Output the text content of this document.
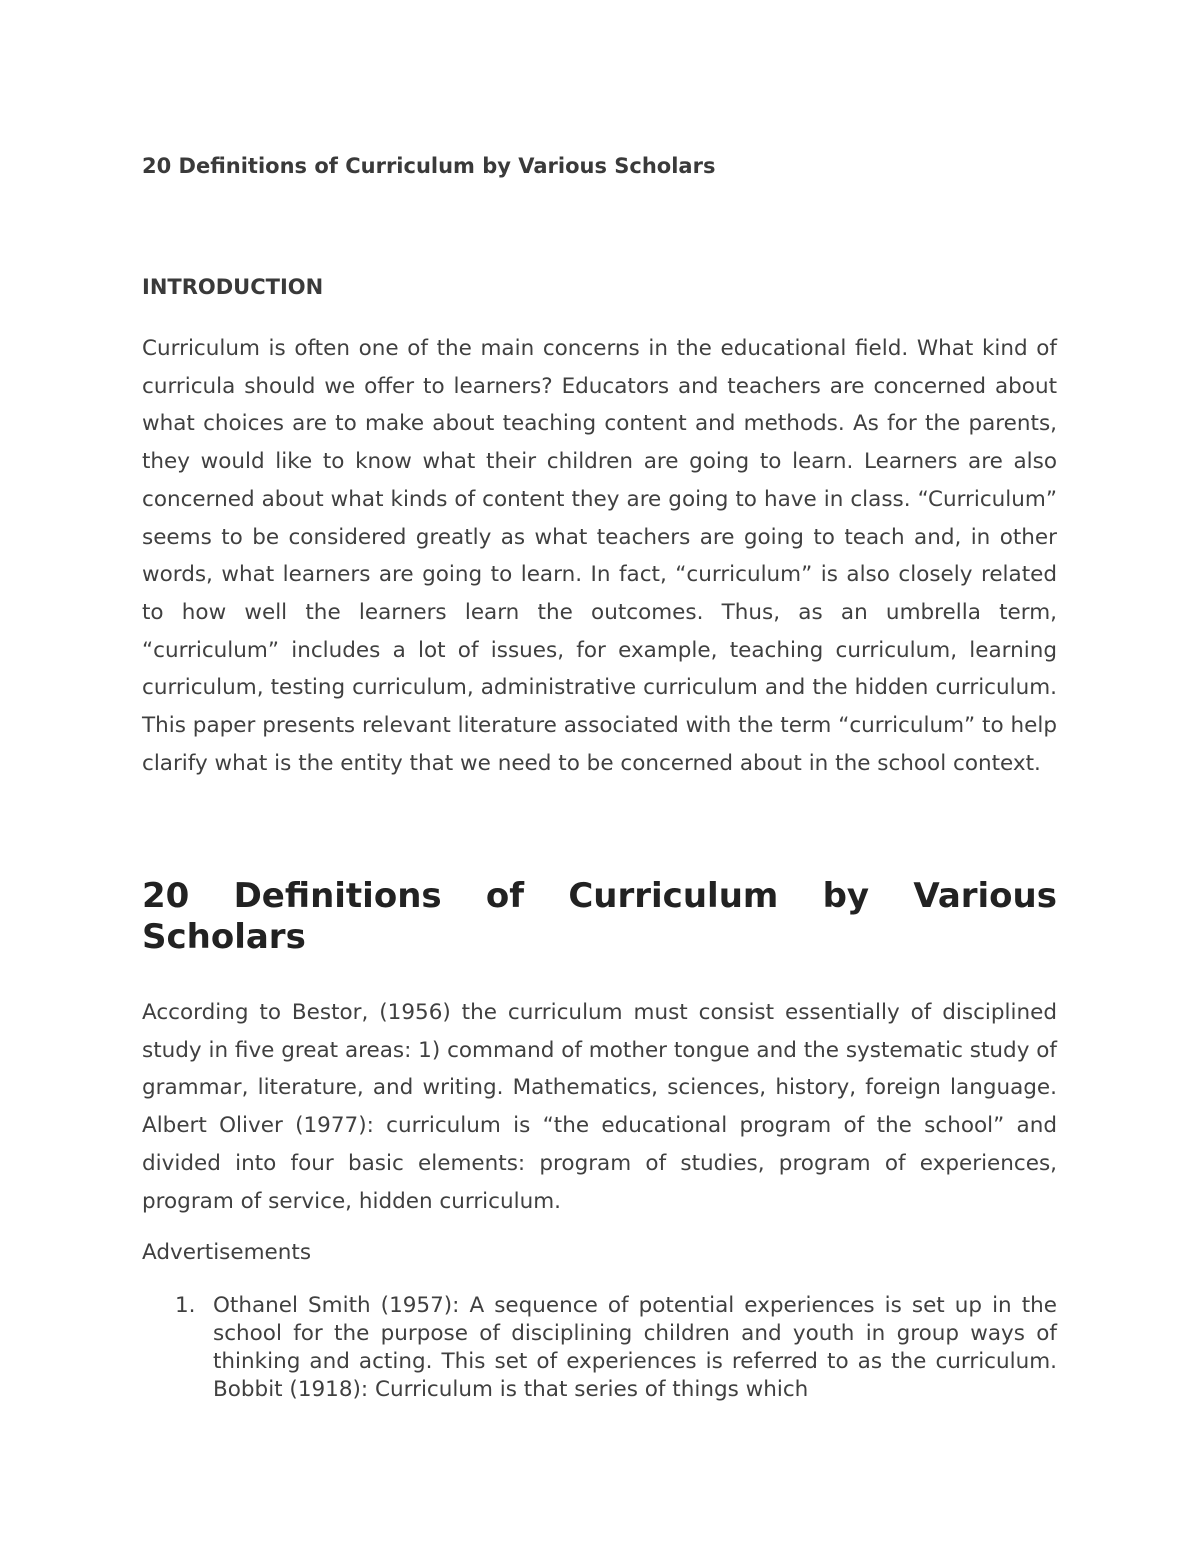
20 Definitions of Curriculum by Various Scholars
INTRODUCTION

Curriculum is often one of the main concerns in the educational field. What kind of curricula should we offer to learners? Educators and teachers are concerned about what choices are to make about teaching content and methods. As for the parents, they would like to know what their children are going to learn. Learners are also concerned about what kinds of content they are going to have in class. “Curriculum” seems to be considered greatly as what teachers are going to teach and, in other words, what learners are going to learn. In fact, “curriculum” is also closely related to how well the learners learn the outcomes. Thus, as an umbrella term, “curriculum” includes a lot of issues, for example, teaching curriculum, learning curriculum, testing curriculum, administrative curriculum and the hidden curriculum. This paper presents relevant literature associated with the term “curriculum” to help clarify what is the entity that we need to be concerned about in the school context.

20 Definitions of Curriculum by Various Scholars

According to Bestor, (1956) the curriculum must consist essentially of disciplined study in five great areas: 1) command of mother tongue and the systematic study of grammar, literature, and writing. Mathematics, sciences, history, foreign language. Albert Oliver (1977): curriculum is “the educational program of the school” and divided into four basic elements: program of studies, program of experiences, program of service, hidden curriculum.

Advertisements

1. Othanel Smith (1957): A sequence of potential experiences is set up in the school for the purpose of disciplining children and youth in group ways of thinking and acting. This set of experiences is referred to as the curriculum. Bobbit (1918): Curriculum is that series of things which
